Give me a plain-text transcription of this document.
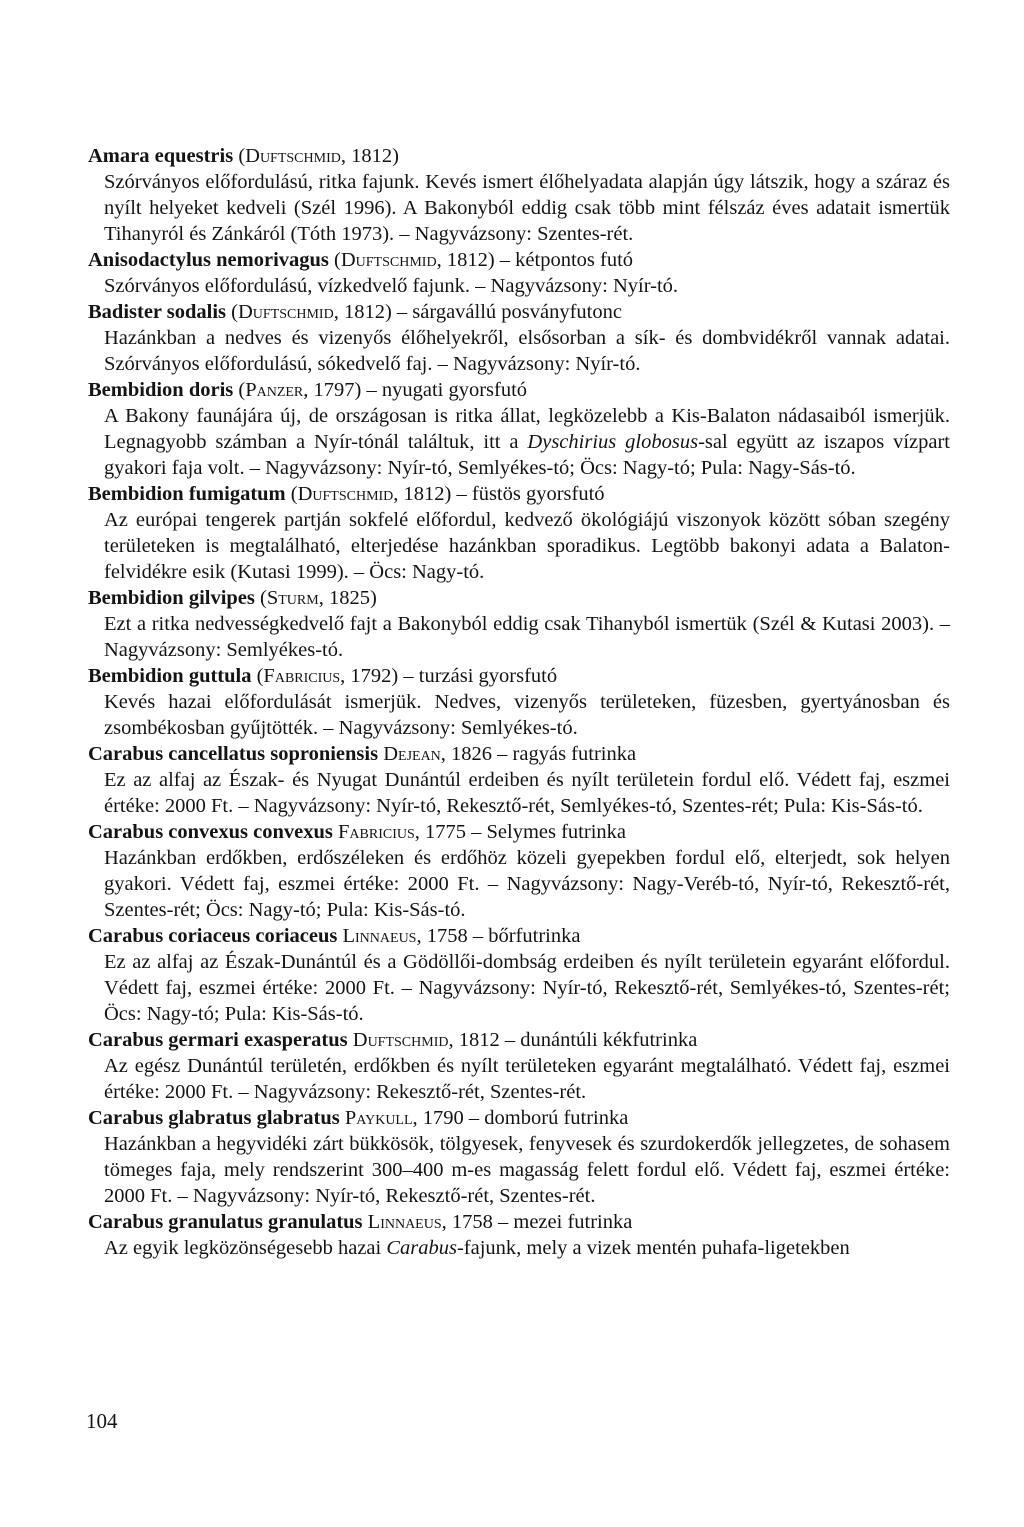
Amara equestris (Duftschmid, 1812)
Szórványos előfordulású, ritka fajunk. Kevés ismert élőhelyadata alapján úgy látszik, hogy a száraz és nyílt helyeket kedveli (Szél 1996). A Bakonyból eddig csak több mint félszáz éves adatait ismertük Tihanyról és Zánkáról (Tóth 1973). – Nagyvázsony: Szentes-rét.
Anisodactylus nemorivagus (Duftschmid, 1812) – kétpontos futó
Szórványos előfordulású, vízkedvelő fajunk. – Nagyvázsony: Nyír-tó.
Badister sodalis (Duftschmid, 1812) – sárgavállú posványfutonc
Hazánkban a nedves és vizenyős élőhelyekről, elsősorban a sík- és dombvidékről vannak adatai. Szórványos előfordulású, sókedvelő faj. – Nagyvázsony: Nyír-tó.
Bembidion doris (Panzer, 1797) – nyugati gyorsfutó
A Bakony faunájára új, de országosan is ritka állat, legközelebb a Kis-Balaton nádasaiból ismerjük. Legnagyobb számban a Nyír-tónál találtuk, itt a Dyschirius globosus-sal együtt az iszapos vízpart gyakori faja volt. – Nagyvázsony: Nyír-tó, Semlyékes-tó; Öcs: Nagy-tó; Pula: Nagy-Sás-tó.
Bembidion fumigatum (Duftschmid, 1812) – füstös gyorsfutó
Az európai tengerek partján sokfelé előfordul, kedvező ökológiájú viszonyok között sóban szegény területeken is megtalálható, elterjedése hazánkban sporadikus. Legtöbb bakonyi adata a Balaton-felvidékre esik (Kutasi 1999). – Öcs: Nagy-tó.
Bembidion gilvipes (Sturm, 1825)
Ezt a ritka nedvességkedvelő fajt a Bakonyból eddig csak Tihanyból ismertük (Szél & Kutasi 2003). – Nagyvázsony: Semlyékes-tó.
Bembidion guttula (Fabricius, 1792) – turzási gyorsfutó
Kevés hazai előfordulását ismerjük. Nedves, vizenyős területeken, füzesben, gyertyánosban és zsombékosban gyűjtötték. – Nagyvázsony: Semlyékes-tó.
Carabus cancellatus soproniensis Dejean, 1826 – ragyás futrinka
Ez az alfaj az Észak- és Nyugat Dunántúl erdeiben és nyílt területein fordul elő. Védett faj, eszmei értéke: 2000 Ft. – Nagyvázsony: Nyír-tó, Rekesztő-rét, Semlyékes-tó, Szentes-rét; Pula: Kis-Sás-tó.
Carabus convexus convexus Fabricius, 1775 – Selymes futrinka
Hazánkban erdőkben, erdőszéleken és erdőhöz közeli gyepekben fordul elő, elterjedt, sok helyen gyakori. Védett faj, eszmei értéke: 2000 Ft. – Nagyvázsony: Nagy-Veréb-tó, Nyír-tó, Rekesztő-rét, Szentes-rét; Öcs: Nagy-tó; Pula: Kis-Sás-tó.
Carabus coriaceus coriaceus Linnaeus, 1758 – bőrfutrinka
Ez az alfaj az Észak-Dunántúl és a Gödöllői-dombság erdeiben és nyílt területein egyaránt előfordul. Védett faj, eszmei értéke: 2000 Ft. – Nagyvázsony: Nyír-tó, Rekesztő-rét, Semlyékes-tó, Szentes-rét; Öcs: Nagy-tó; Pula: Kis-Sás-tó.
Carabus germari exasperatus Duftschmid, 1812 – dunántúli kékfutrinka
Az egész Dunántúl területén, erdőkben és nyílt területeken egyaránt megtalálható. Védett faj, eszmei értéke: 2000 Ft. – Nagyvázsony: Rekesztő-rét, Szentes-rét.
Carabus glabratus glabratus Paykull, 1790 – domború futrinka
Hazánkban a hegyvidéki zárt bükkösök, tölgyesek, fenyvesek és szurdokerdők jellegzetes, de sohasem tömeges faja, mely rendszerint 300–400 m-es magasság felett fordul elő. Védett faj, eszmei értéke: 2000 Ft. – Nagyvázsony: Nyír-tó, Rekesztő-rét, Szentes-rét.
Carabus granulatus granulatus Linnaeus, 1758 – mezei futrinka
Az egyik legközönségesebb hazai Carabus-fajunk, mely a vizek mentén puhafa-ligetekben
104
